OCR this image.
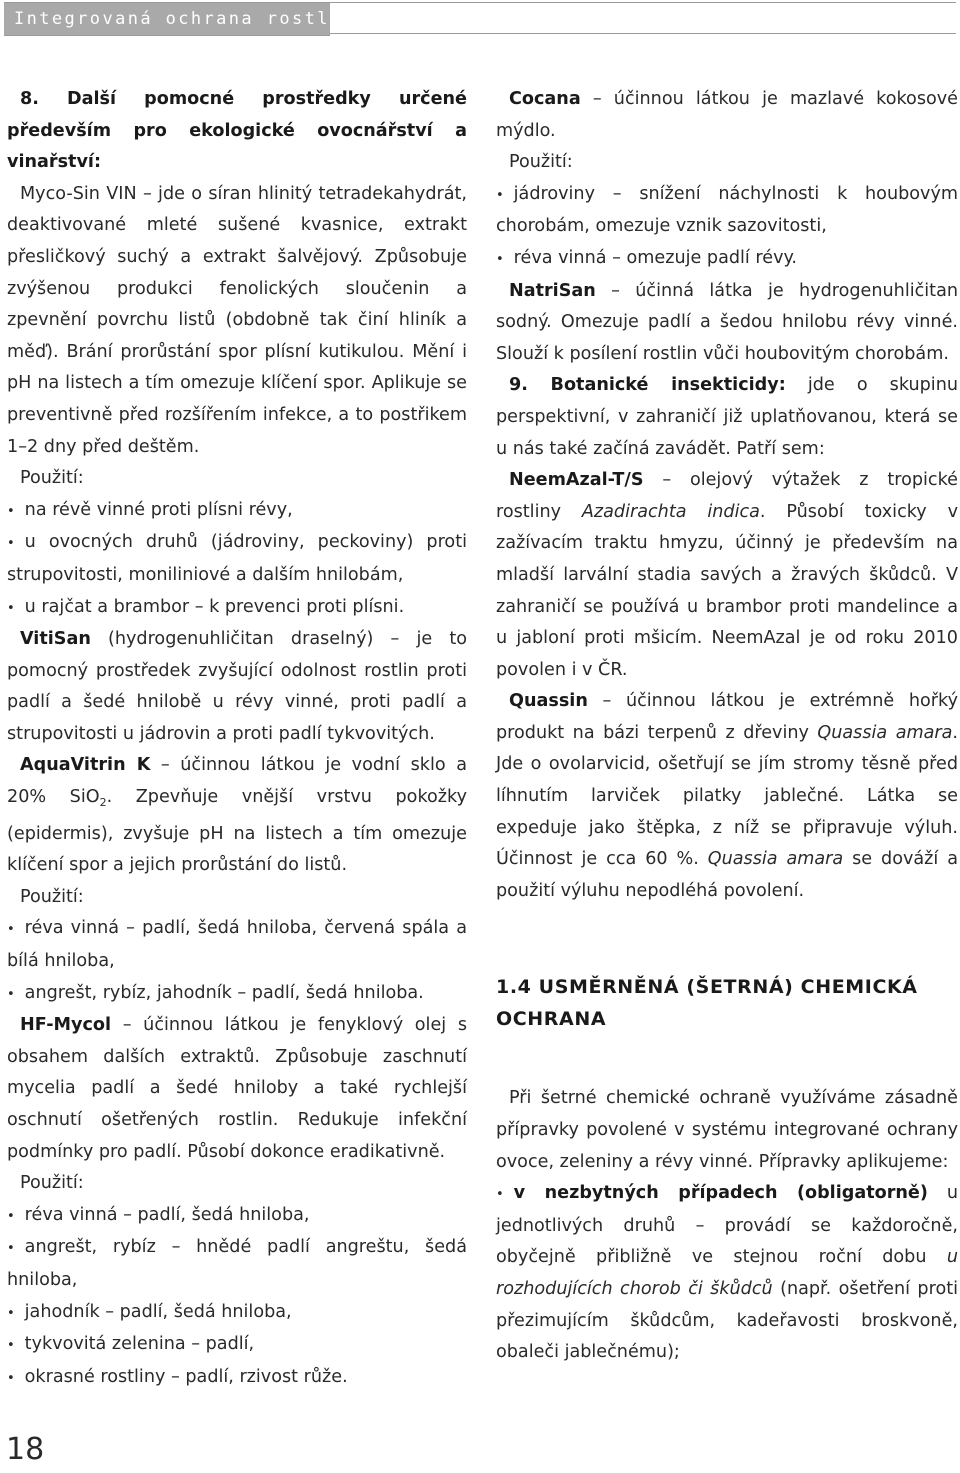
Integrovaná ochrana rostlin

8. Další pomocné prostředky určené především pro ekologické ovocnářství a vinařství:

Myco-Sin VIN – jde o síran hlinitý tetradekahydrát, deaktivované mleté sušené kvasnice, extrakt přesličkový suchý a extrakt šalvějový. Způsobuje zvýšenou produkci fenolických sloučenin a zpevnění povrchu listů (obdobně tak činí hliník a měď). Brání prorůstání spor plísní kutikulou. Mění i pH na listech a tím omezuje klíčení spor. Aplikuje se preventivně před rozšířením infekce, a to postřikem 1–2 dny před deštěm.

Použití:

• na révě vinné proti plísni révy,

• u ovocných druhů (jádroviny, peckoviny) proti strupovitosti, moniliniové a dalším hnilobám,

• u rajčat a brambor – k prevenci proti plísni.

VitiSan (hydrogenuhličitan draselný) – je to pomocný prostředek zvyšující odolnost rostlin proti padlí a šedé hnilobě u révy vinné, proti padlí a strupovitosti u jádrovin a proti padlí tykvovitých.

AquaVitrin K – účinnou látkou je vodní sklo a 20% SiO$_2$. Zpevňuje vnější vrstvu pokožky (epidermis), zvyšuje pH na listech a tím omezuje klíčení spor a jejich prorůstání do listů.

Použití:

• réva vinná – padlí, šedá hniloba, červená spála a bílá hniloba,

• angrešt, rybíz, jahodník – padlí, šedá hniloba.

HF-Mycol – účinnou látkou je fenyklový olej s obsahem dalších extraktů. Způsobuje zaschnutí mycelia padlí a šedé hniloby a také rychlejší oschnutí ošetřených rostlin. Redukuje infekční podmínky pro padlí. Působí dokonce eradikativně.

Použití:

• réva vinná – padlí, šedá hniloba,

• angrešt, rybíz – hnědé padlí angreštu, šedá hniloba,

• jahodník – padlí, šedá hniloba,

• tykvovitá zelenina – padlí,

• okrasné rostliny – padlí, rzivost růže.

Cocana – účinnou látkou je mazlavé kokosové mýdlo.

Použití:

• jádroviny – snížení náchylnosti k houbovým chorobám, omezuje vznik sazovitosti,

• réva vinná – omezuje padlí révy.

NatriSan – účinná látka je hydrogenuhličitan sodný. Omezuje padlí a šedou hnilobu révy vinné. Slouží k posílení rostlin vůči houbovitým chorobám.

9. Botanické insekticidy: jde o skupinu perspektivní, v zahraničí již uplatňovanou, která se u nás také začíná zavádět. Patří sem:

NeemAzal-T/S – olejový výtažek z tropické rostliny Azadirachta indica. Působí toxicky v zažívacím traktu hmyzu, účinný je především na mladší larvální stadia savých a žravých škůdců. V zahraničí se používá u brambor proti mandelince a u jabloní proti mšicím. NeemAzal je od roku 2010 povolen i v ČR.

Quassin – účinnou látkou je extrémně hořký produkt na bázi terpenů z dřeviny Quassia amara. Jde o ovolarvicid, ošetřují se jím stromy těsně před líhnutím larviček pilatky jablečné. Látka se expeduje jako štěpka, z níž se připravuje výluh. Účinnost je cca 60 %. Quassia amara se dováží a použití výluhu nepodléhá povolení.

1.4 USMĚRNĚNÁ (ŠETRNÁ) CHEMICKÁ OCHRANA

Při šetrné chemické ochraně využíváme zásadně přípravky povolené v systému integrované ochrany ovoce, zeleniny a révy vinné. Přípravky aplikujeme:

• v nezbytných případech (obligatorně) u jednotlivých druhů – provádí se každoročně, obyčejně přibližně ve stejnou roční dobu u rozhodujících chorob či škůdců (např. ošetření proti přezimujícím škůdcům, kadeřavosti broskvoně, obaleči jablečnému);

18
